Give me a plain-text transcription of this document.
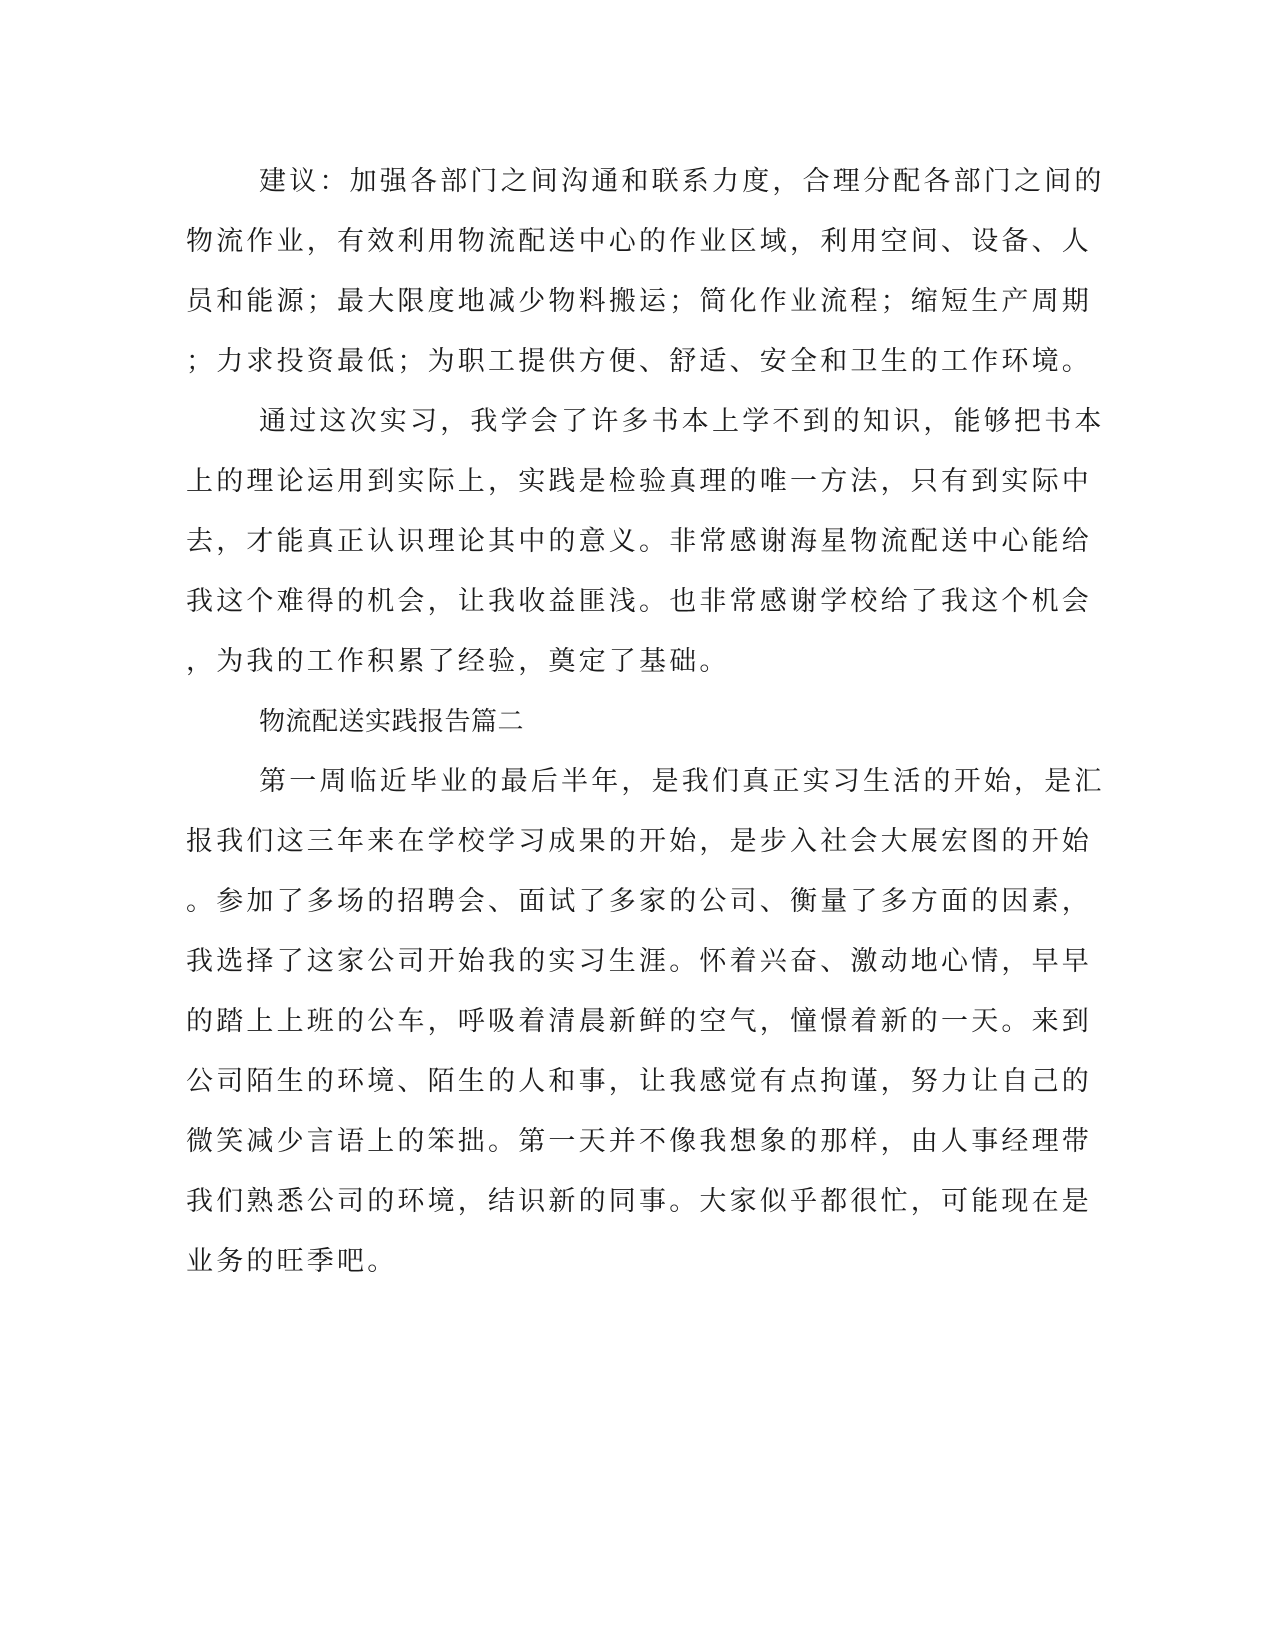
建议：加强各部门之间沟通和联系力度，合理分配各部门之间的
物流作业，有效利用物流配送中心的作业区域，利用空间、设备、人
员和能源；最大限度地减少物料搬运；简化作业流程；缩短生产周期
；力求投资最低；为职工提供方便、舒适、安全和卫生的工作环境。
通过这次实习，我学会了许多书本上学不到的知识，能够把书本
上的理论运用到实际上，实践是检验真理的唯一方法，只有到实际中
去，才能真正认识理论其中的意义。非常感谢海星物流配送中心能给
我这个难得的机会，让我收益匪浅。也非常感谢学校给了我这个机会
，为我的工作积累了经验，奠定了基础。
物流配送实践报告篇二
第一周临近毕业的最后半年，是我们真正实习生活的开始，是汇
报我们这三年来在学校学习成果的开始，是步入社会大展宏图的开始
。参加了多场的招聘会、面试了多家的公司、衡量了多方面的因素，
我选择了这家公司开始我的实习生涯。怀着兴奋、激动地心情，早早
的踏上上班的公车，呼吸着清晨新鲜的空气，憧憬着新的一天。来到
公司陌生的环境、陌生的人和事，让我感觉有点拘谨，努力让自己的
微笑减少言语上的笨拙。第一天并不像我想象的那样，由人事经理带
我们熟悉公司的环境，结识新的同事。大家似乎都很忙，可能现在是
业务的旺季吧。
